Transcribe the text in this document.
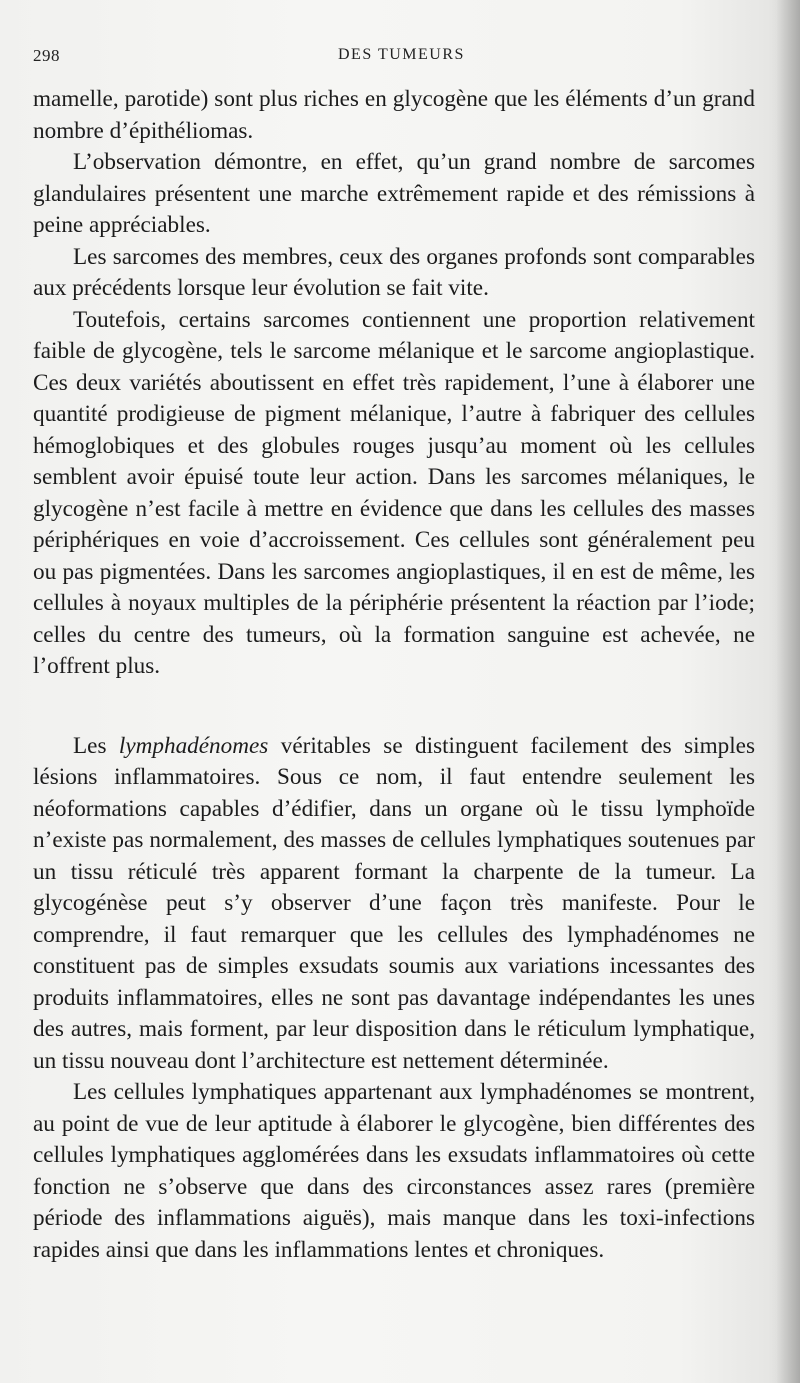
298	DES TUMEURS

mamelle, parotide) sont plus riches en glycogène que les éléments d’un grand nombre d’épithéliomas.

L’observation démontre, en effet, qu’un grand nombre de sarcomes glandulaires présentent une marche extrêmement rapide et des rémissions à peine appréciables.

Les sarcomes des membres, ceux des organes profonds sont comparables aux précédents lorsque leur évolution se fait vite.

Toutefois, certains sarcomes contiennent une proportion relativement faible de glycogène, tels le sarcome mélanique et le sarcome angioplastique. Ces deux variétés aboutissent en effet très rapidement, l’une à élaborer une quantité prodigieuse de pigment mélanique, l’autre à fabriquer des cellules hémoglobiques et des globules rouges jusqu’au moment où les cellules semblent avoir épuisé toute leur action. Dans les sarcomes mélaniques, le glycogène n’est facile à mettre en évidence que dans les cellules des masses périphériques en voie d’accroissement. Ces cellules sont généralement peu ou pas pigmentées. Dans les sarcomes angioplastiques, il en est de même, les cellules à noyaux multiples de la périphérie présentent la réaction par l’iode; celles du centre des tumeurs, où la formation sanguine est achevée, ne l’offrent plus.

Les lymphadénomes véritables se distinguent facilement des simples lésions inflammatoires. Sous ce nom, il faut entendre seulement les néoformations capables d’édifier, dans un organe où le tissu lymphoïde n’existe pas normalement, des masses de cellules lymphatiques soutenues par un tissu réticulé très apparent formant la charpente de la tumeur. La glycogénèse peut s’y observer d’une façon très manifeste. Pour le comprendre, il faut remarquer que les cellules des lymphadénomes ne constituent pas de simples exsudats soumis aux variations incessantes des produits inflammatoires, elles ne sont pas davantage indépendantes les unes des autres, mais forment, par leur disposition dans le réticulum lymphatique, un tissu nouveau dont l’architecture est nettement déterminée.

Les cellules lymphatiques appartenant aux lymphadénomes se montrent, au point de vue de leur aptitude à élaborer le glycogène, bien différentes des cellules lymphatiques agglomérées dans les exsudats inflammatoires où cette fonction ne s’observe que dans des circonstances assez rares (première période des inflammations aiguës), mais manque dans les toxi-infections rapides ainsi que dans les inflammations lentes et chroniques.
